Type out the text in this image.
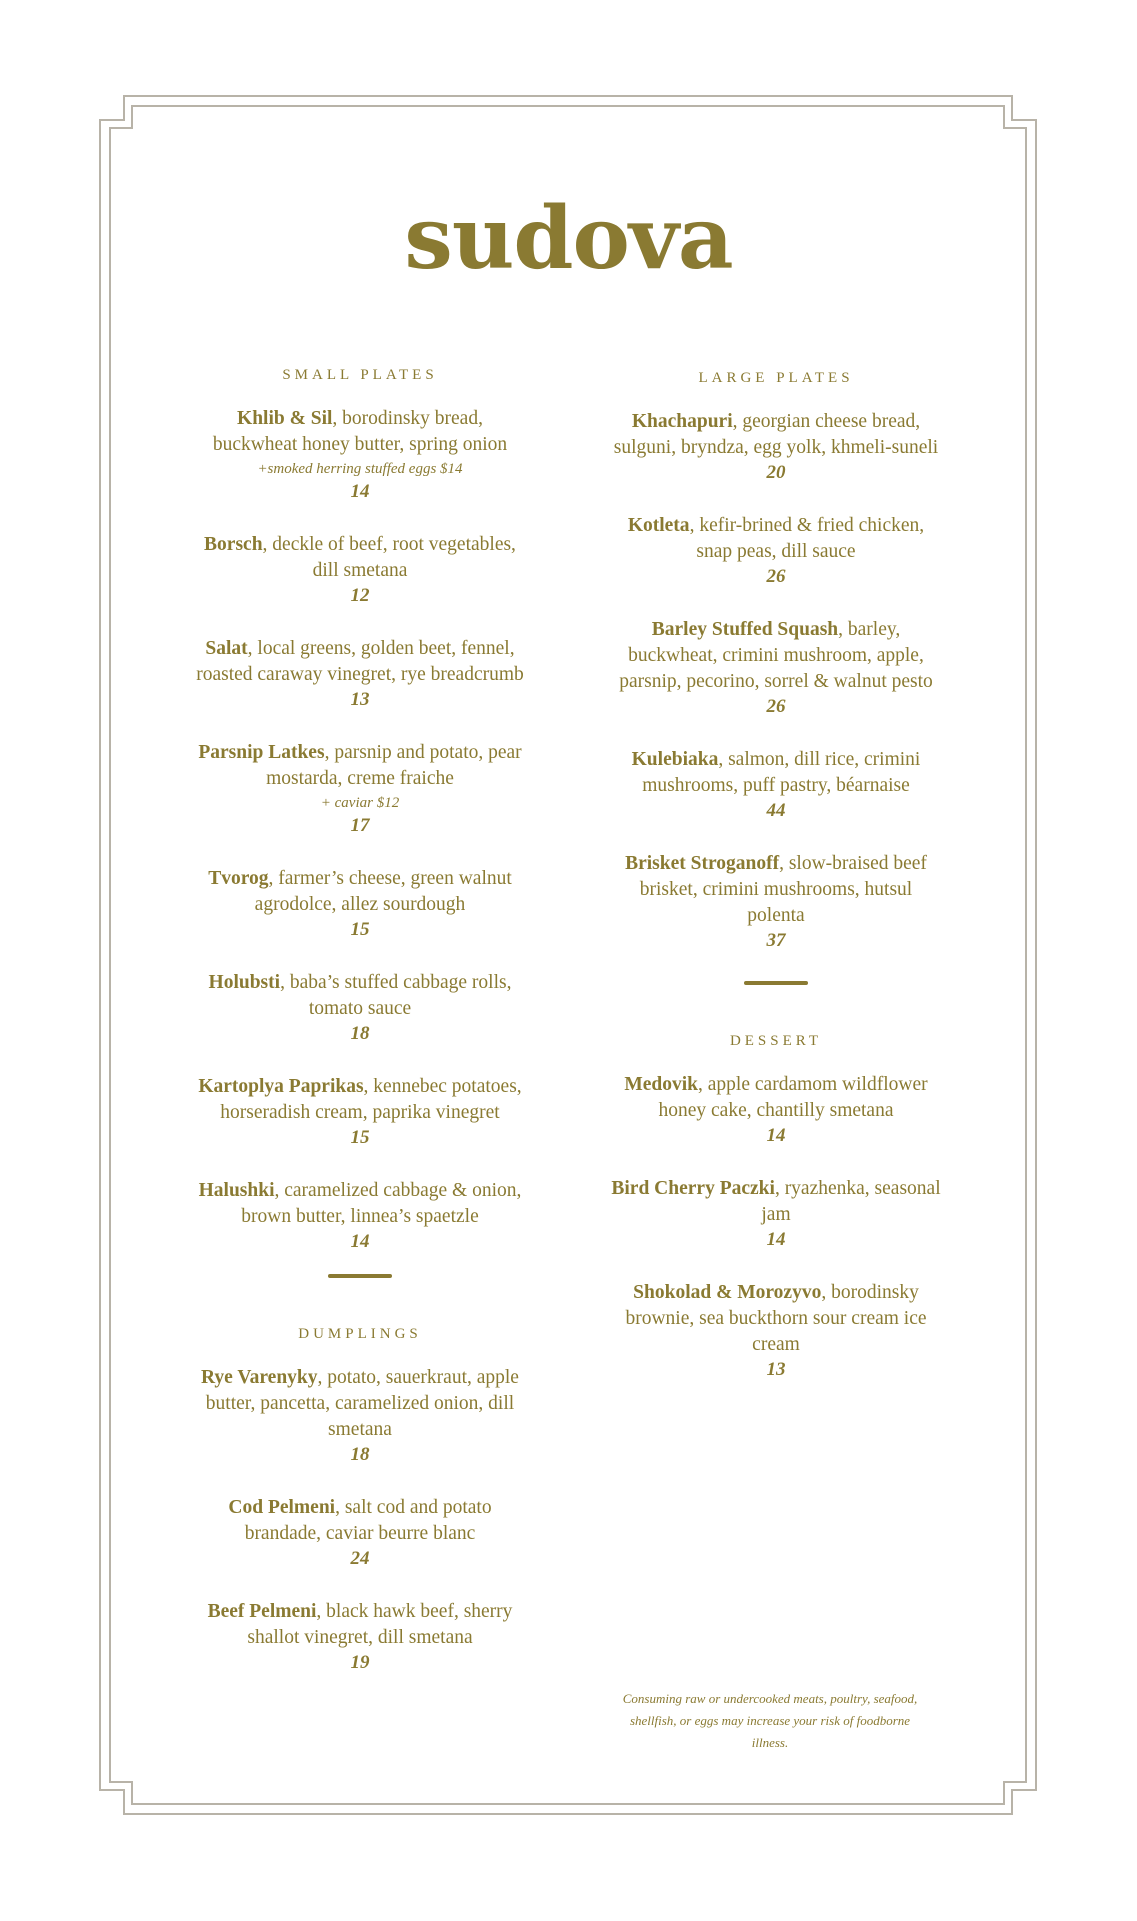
sudova
SMALL PLATES
Khlib & Sil, borodinsky bread, buckwheat honey butter, spring onion
+smoked herring stuffed eggs $14
14
Borsch, deckle of beef, root vegetables, dill smetana
12
Salat, local greens, golden beet, fennel, roasted caraway vinegret, rye breadcrumb
13
Parsnip Latkes, parsnip and potato, pear mostarda, creme fraiche
+ caviar $12
17
Tvorog, farmer’s cheese, green walnut agrodolce, allez sourdough
15
Holubsti, baba’s stuffed cabbage rolls, tomato sauce
18
Kartoplya Paprikas, kennebec potatoes, horseradish cream, paprika vinegret
15
Halushki, caramelized cabbage & onion, brown butter, linnea’s spaetzle
14
DUMPLINGS
Rye Varenyky, potato, sauerkraut, apple butter, pancetta, caramelized onion, dill smetana
18
Cod Pelmeni, salt cod and potato brandade, caviar beurre blanc
24
Beef Pelmeni, black hawk beef, sherry shallot vinegret, dill smetana
19
LARGE PLATES
Khachapuri, georgian cheese bread, sulguni, bryndza, egg yolk, khmeli-suneli
20
Kotleta, kefir-brined & fried chicken, snap peas, dill sauce
26
Barley Stuffed Squash, barley, buckwheat, crimini mushroom, apple, parsnip, pecorino, sorrel & walnut pesto
26
Kulebiaka, salmon, dill rice, crimini mushrooms, puff pastry, béarnaise
44
Brisket Stroganoff, slow-braised beef brisket, crimini mushrooms, hutsul polenta
37
DESSERT
Medovik, apple cardamom wildflower honey cake, chantilly smetana
14
Bird Cherry Paczki, ryazhenka, seasonal jam
14
Shokolad & Morozyvo, borodinsky brownie, sea buckthorn sour cream ice cream
13
Consuming raw or undercooked meats, poultry, seafood, shellfish, or eggs may increase your risk of foodborne illness.
